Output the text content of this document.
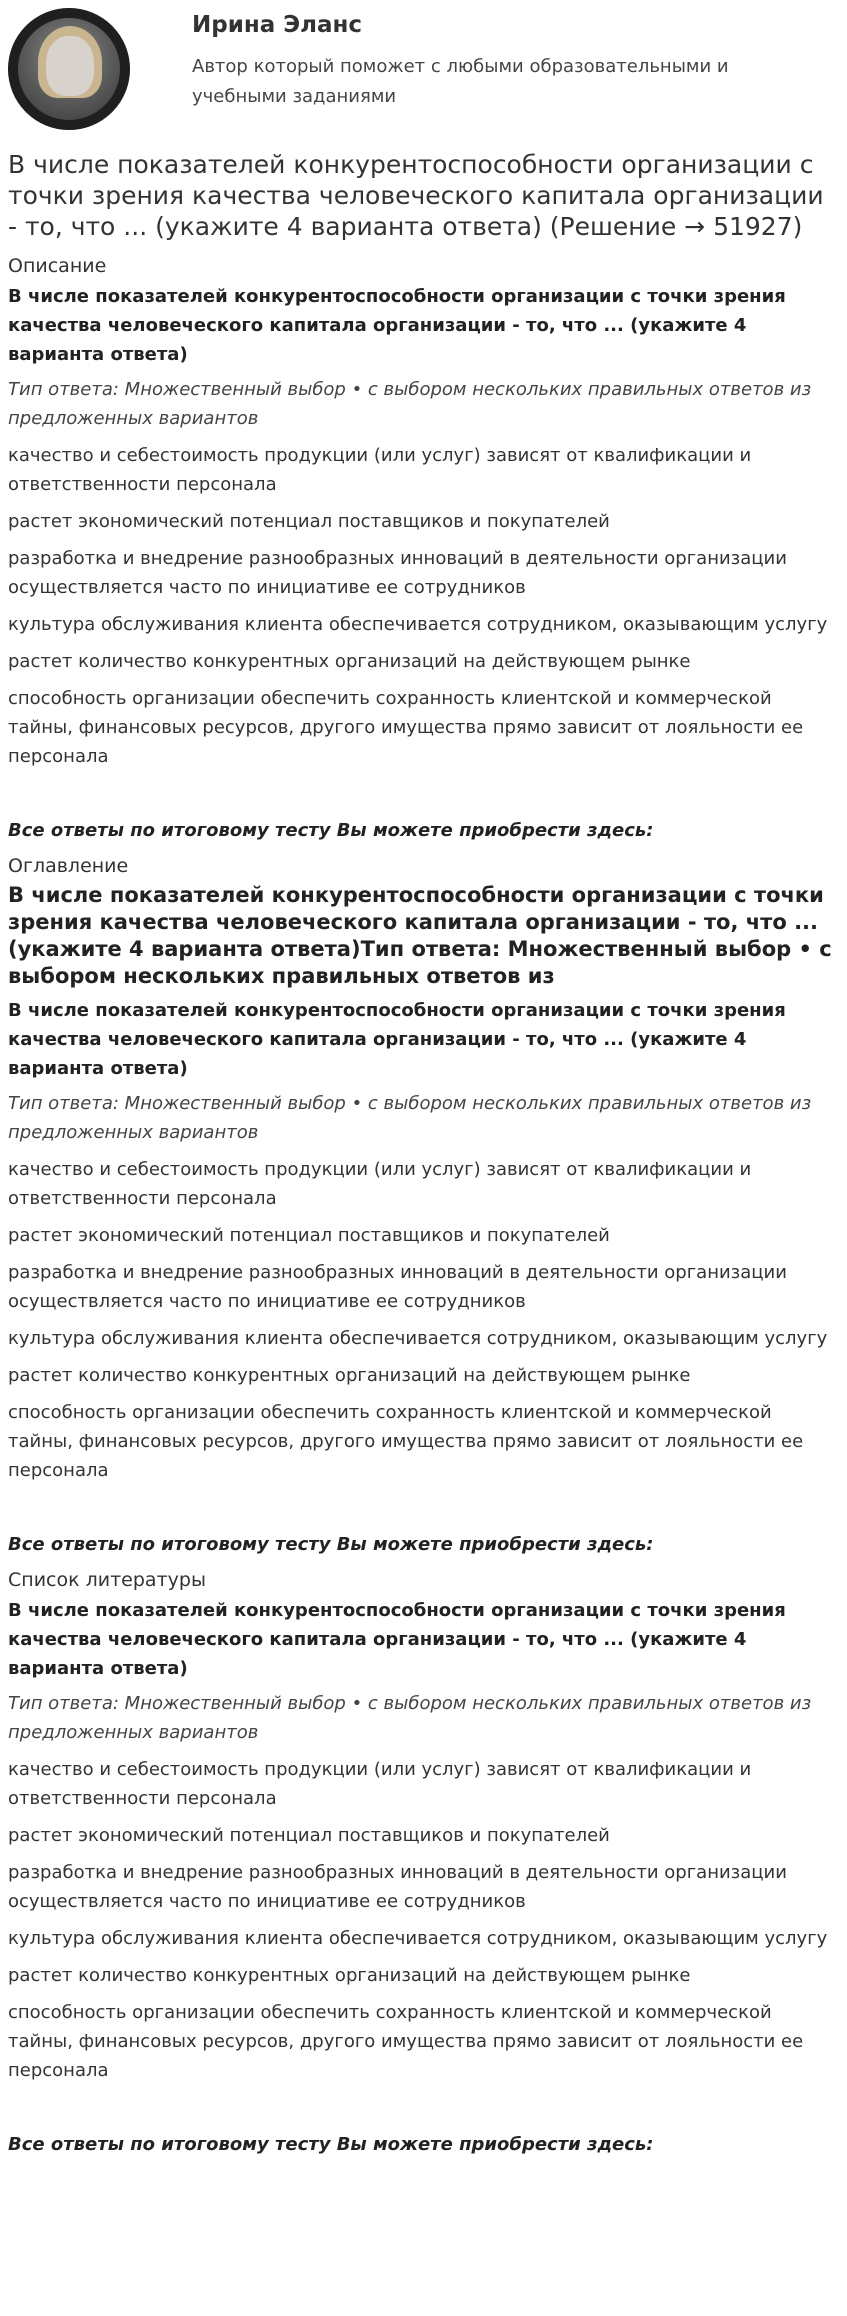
Ирина Эланс
Автор который поможет с любыми образовательными и учебными заданиями
В числе показателей конкурентоспособности организации с точки зрения качества человеческого капитала организации - то, что ... (укажите 4 варианта ответа) (Решение → 51927)
Описание
В числе показателей конкурентоспособности организации с точки зрения качества человеческого капитала организации - то, что ... (укажите 4 варианта ответа)
Тип ответа: Множественный выбор • с выбором нескольких правильных ответов из предложенных вариантов
качество и себестоимость продукции (или услуг) зависят от квалификации и ответственности персонала
растет экономический потенциал поставщиков и покупателей
разработка и внедрение разнообразных инноваций в деятельности организации осуществляется часто по инициативе ее сотрудников
культура обслуживания клиента обеспечивается сотрудником, оказывающим услугу
растет количество конкурентных организаций на действующем рынке
способность организации обеспечить сохранность клиентской и коммерческой тайны, финансовых ресурсов, другого имущества прямо зависит от лояльности ее персонала
Все ответы по итоговому тесту Вы можете приобрести здесь:
Оглавление
В числе показателей конкурентоспособности организации с точки зрения качества человеческого капитала организации - то, что ... (укажите 4 варианта ответа)Тип ответа: Множественный выбор • с выбором нескольких правильных ответов из
В числе показателей конкурентоспособности организации с точки зрения качества человеческого капитала организации - то, что ... (укажите 4 варианта ответа)
Тип ответа: Множественный выбор • с выбором нескольких правильных ответов из предложенных вариантов
качество и себестоимость продукции (или услуг) зависят от квалификации и ответственности персонала
растет экономический потенциал поставщиков и покупателей
разработка и внедрение разнообразных инноваций в деятельности организации осуществляется часто по инициативе ее сотрудников
культура обслуживания клиента обеспечивается сотрудником, оказывающим услугу
растет количество конкурентных организаций на действующем рынке
способность организации обеспечить сохранность клиентской и коммерческой тайны, финансовых ресурсов, другого имущества прямо зависит от лояльности ее персонала
Все ответы по итоговому тесту Вы можете приобрести здесь:
Список литературы
В числе показателей конкурентоспособности организации с точки зрения качества человеческого капитала организации - то, что ... (укажите 4 варианта ответа)
Тип ответа: Множественный выбор • с выбором нескольких правильных ответов из предложенных вариантов
качество и себестоимость продукции (или услуг) зависят от квалификации и ответственности персонала
растет экономический потенциал поставщиков и покупателей
разработка и внедрение разнообразных инноваций в деятельности организации осуществляется часто по инициативе ее сотрудников
культура обслуживания клиента обеспечивается сотрудником, оказывающим услугу
растет количество конкурентных организаций на действующем рынке
способность организации обеспечить сохранность клиентской и коммерческой тайны, финансовых ресурсов, другого имущества прямо зависит от лояльности ее персонала
Все ответы по итоговому тесту Вы можете приобрести здесь:
